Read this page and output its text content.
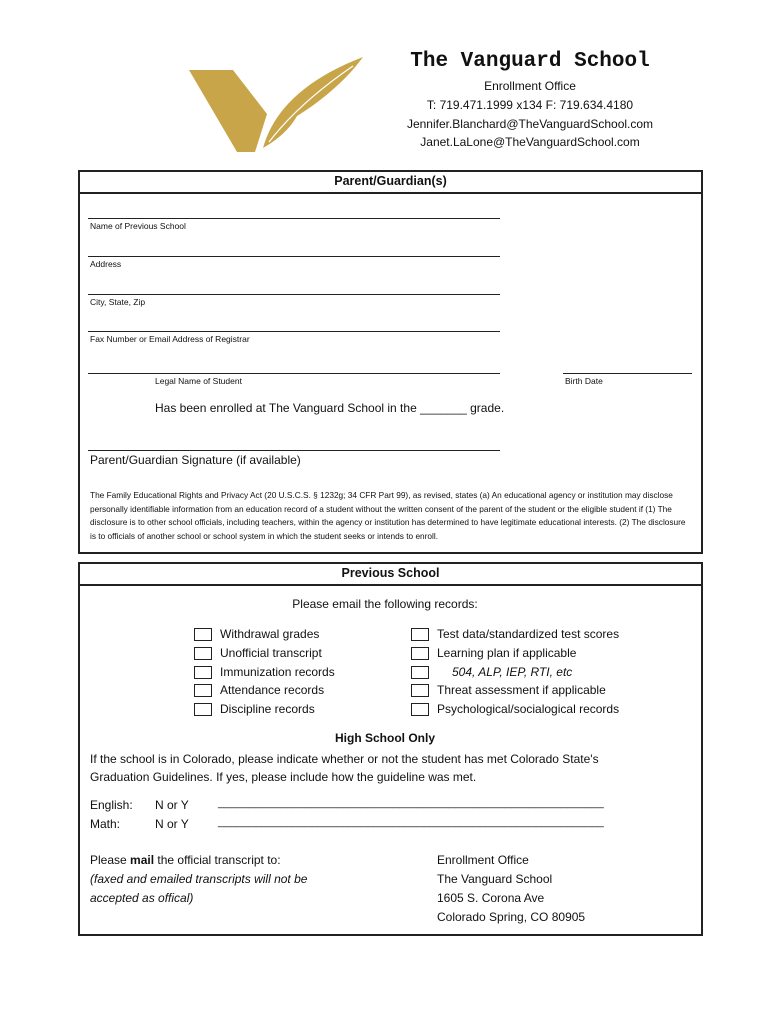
The Vanguard School
Enrollment Office
T: 719.471.1999 x134 F: 719.634.4180
Jennifer.Blanchard@TheVanguardSchool.com
Janet.LaLone@TheVanguardSchool.com
Parent/Guardian(s)
Name of Previous School
Address
City, State, Zip
Fax Number or Email Address of Registrar
Legal Name of Student	Birth Date
Has been enrolled at The Vanguard School in the _______ grade.
Parent/Guardian Signature (if available)
The Family Educational Rights and Privacy Act (20 U.S.C.S. § 1232g; 34 CFR Part 99), as revised, states (a) An educational agency or institution may disclose personally identifiable information from an education record of a student without the written consent of the parent of the student or the eligible student if (1) The disclosure is to other school officials, including teachers, within the agency or institution has determined to have legitimate educational interests. (2) The disclosure is to officials of another school or school system in which the student seeks or intends to enroll.
Previous School
Please email the following records:
Withdrawal grades
Unofficial transcript
Immunization records
Attendance records
Discipline records
Test data/standardized test scores
Learning plan if applicable
504, ALP, IEP, RTI, etc
Threat assessment if applicable
Psychological/socialogical records
High School Only
If the school is in Colorado, please indicate whether or not the student has met Colorado State's
Graduation Guidelines. If yes, please include how the guideline was met.
English: N or Y	______________________________________________________________
Math:	N or Y	______________________________________________________________
Please mail the official transcript to:
(faxed and emailed transcripts will not be
accepted as offical)
Enrollment Office
The Vanguard School
1605 S. Corona Ave
Colorado Spring, CO 80905
